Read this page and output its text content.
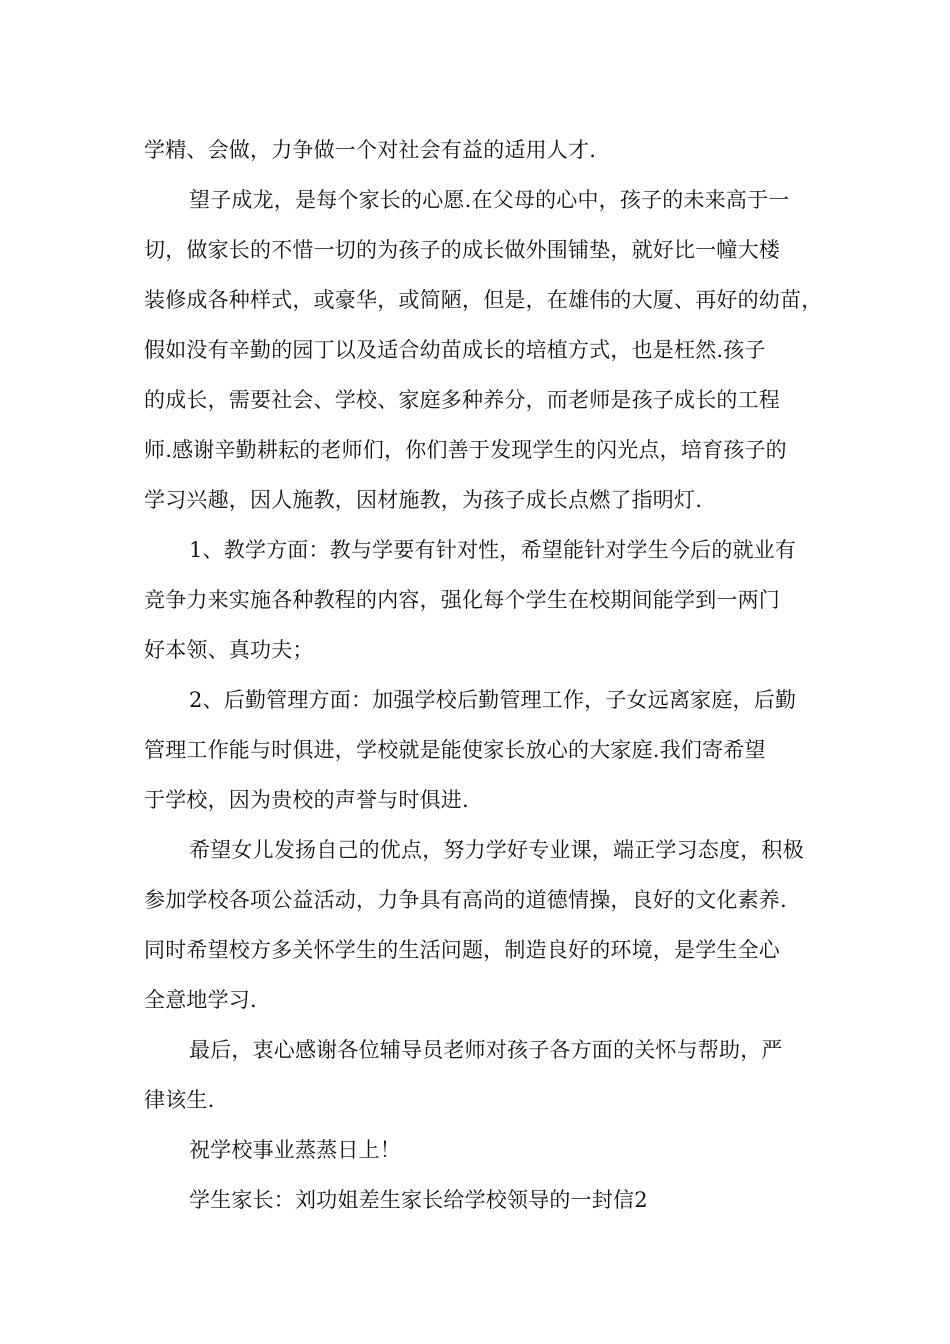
学精、会做，力争做一个对社会有益的适用人才.
望子成龙，是每个家长的心愿.在父母的心中，孩子的未来高于一
切，做家长的不惜一切的为孩子的成长做外围铺垫，就好比一幢大楼
装修成各种样式，或豪华，或简陋，但是，在雄伟的大厦、再好的幼苗，
假如没有辛勤的园丁以及适合幼苗成长的培植方式，也是枉然.孩子
的成长，需要社会、学校、家庭多种养分，而老师是孩子成长的工程
师.感谢辛勤耕耘的老师们，你们善于发现学生的闪光点，培育孩子的
学习兴趣，因人施教，因材施教，为孩子成长点燃了指明灯.
1、教学方面：教与学要有针对性，希望能针对学生今后的就业有
竞争力来实施各种教程的内容，强化每个学生在校期间能学到一两门
好本领、真功夫；
2、后勤管理方面：加强学校后勤管理工作，子女远离家庭，后勤
管理工作能与时俱进，学校就是能使家长放心的大家庭.我们寄希望
于学校，因为贵校的声誉与时俱进.
希望女儿发扬自己的优点，努力学好专业课，端正学习态度，积极
参加学校各项公益活动，力争具有高尚的道德情操，良好的文化素养.
同时希望校方多关怀学生的生活问题，制造良好的环境，是学生全心
全意地学习.
最后，衷心感谢各位辅导员老师对孩子各方面的关怀与帮助，严
律该生.
祝学校事业蒸蒸日上！
学生家长：刘功姐差生家长给学校领导的一封信2
